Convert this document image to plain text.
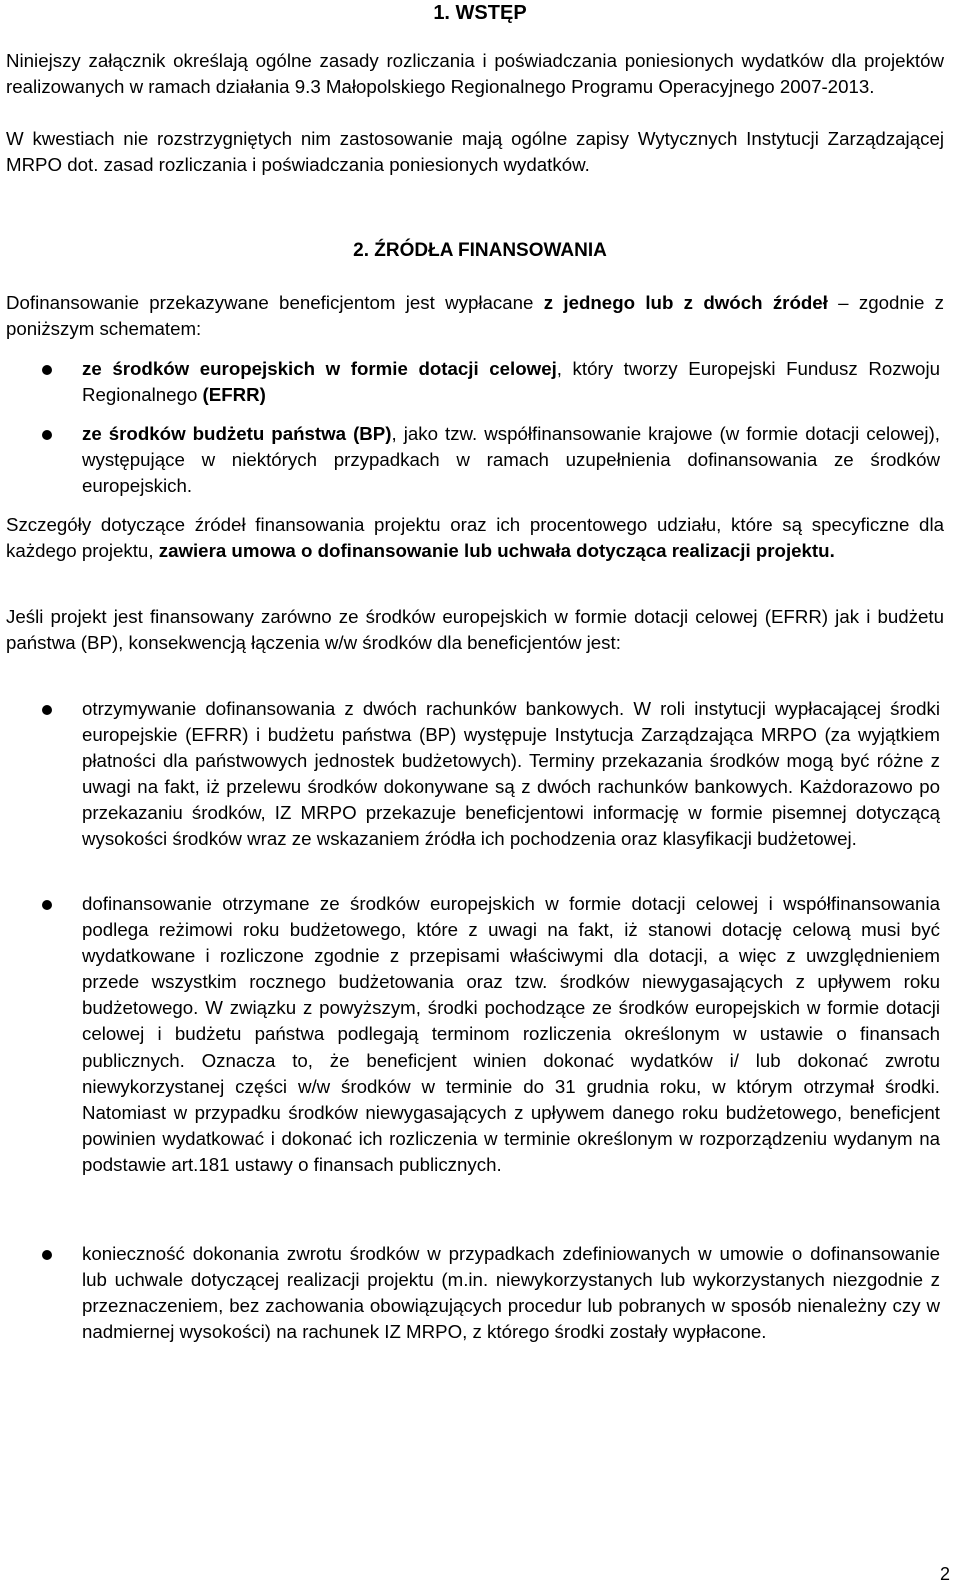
1. WSTĘP
Niniejszy załącznik określają ogólne zasady rozliczania i poświadczania poniesionych wydatków dla projektów realizowanych w ramach działania 9.3 Małopolskiego Regionalnego Programu Operacyjnego 2007-2013.
W kwestiach nie rozstrzygniętych nim zastosowanie mają ogólne zapisy Wytycznych Instytucji Zarządzającej MRPO dot. zasad rozliczania i poświadczania poniesionych wydatków.
2. ŹRÓDŁA FINANSOWANIA
Dofinansowanie przekazywane beneficjentom jest wypłacane z jednego lub z dwóch źródeł – zgodnie z poniższym schematem:
ze środków europejskich w formie dotacji celowej, który tworzy Europejski Fundusz Rozwoju Regionalnego (EFRR)
ze środków budżetu państwa (BP), jako tzw. współfinansowanie krajowe (w formie dotacji celowej), występujące w niektórych przypadkach w ramach uzupełnienia dofinansowania ze środków europejskich.
Szczegóły dotyczące źródeł finansowania projektu oraz ich procentowego udziału, które są specyficzne dla każdego projektu, zawiera umowa o dofinansowanie lub uchwała dotycząca realizacji projektu.
Jeśli projekt jest finansowany zarówno ze środków europejskich w formie dotacji celowej (EFRR) jak i budżetu państwa (BP), konsekwencją łączenia w/w środków dla beneficjentów jest:
otrzymywanie dofinansowania z dwóch rachunków bankowych. W roli instytucji wypłacającej środki europejskie (EFRR) i budżetu państwa (BP) występuje Instytucja Zarządzająca MRPO (za wyjątkiem płatności dla państwowych jednostek budżetowych). Terminy przekazania środków mogą być różne z uwagi na fakt, iż przelewu środków dokonywane są z dwóch rachunków bankowych. Każdorazowo po przekazaniu środków, IZ MRPO przekazuje beneficjentowi informację w formie pisemnej dotyczącą wysokości środków wraz ze wskazaniem źródła ich pochodzenia oraz klasyfikacji budżetowej.
dofinansowanie otrzymane ze środków europejskich w formie dotacji celowej i współfinansowania podlega reżimowi roku budżetowego, które z uwagi na fakt, iż stanowi dotację celową musi być wydatkowane i rozliczone zgodnie z przepisami właściwymi dla dotacji, a więc z uwzględnieniem przede wszystkim rocznego budżetowania oraz tzw. środków niewygasających z upływem roku budżetowego. W związku z powyższym, środki pochodzące ze środków europejskich w formie dotacji celowej i budżetu państwa podlegają terminom rozliczenia określonym w ustawie o finansach publicznych. Oznacza to, że beneficjent winien dokonać wydatków i/ lub dokonać zwrotu niewykorzystanej części w/w środków w terminie do 31 grudnia roku, w którym otrzymał środki. Natomiast w przypadku środków niewygasających z upływem danego roku budżetowego, beneficjent powinien wydatkować i dokonać ich rozliczenia w terminie określonym w rozporządzeniu wydanym na podstawie art.181 ustawy o finansach publicznych.
konieczność dokonania zwrotu środków w przypadkach zdefiniowanych w umowie o dofinansowanie lub uchwale dotyczącej realizacji projektu (m.in. niewykorzystanych lub wykorzystanych niezgodnie z przeznaczeniem, bez zachowania obowiązujących procedur lub pobranych w sposób nienależny czy w nadmiernej wysokości) na rachunek IZ MRPO, z którego środki zostały wypłacone.
2
